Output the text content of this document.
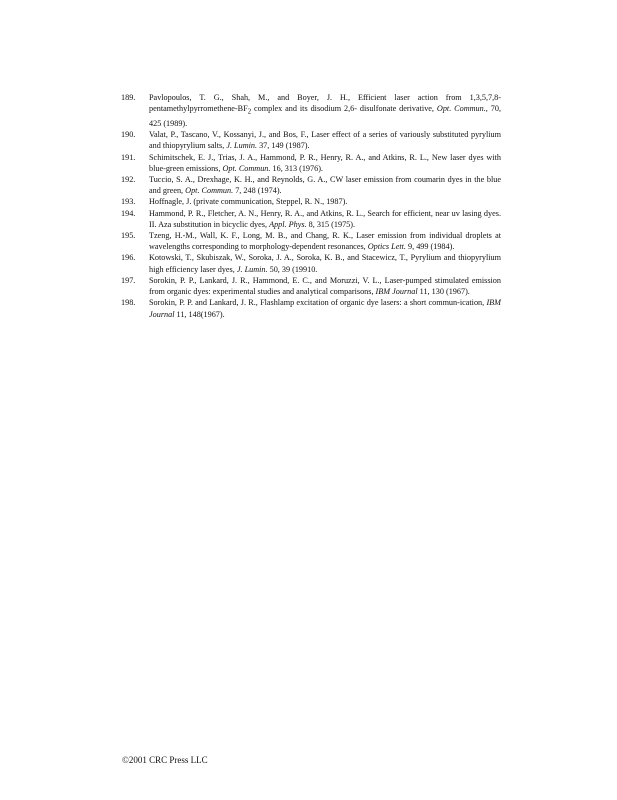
189.	Pavlopoulos, T. G., Shah, M., and Boyer, J. H., Efficient laser action from $1,3,5,7,8-pentamethylpyrromethene-BF_2$ complex and its disodium 2,6- disulfonate derivative, Opt. Commun., 70, 425 (1989).
190.	Valat, P., Tascano, V., Kossanyi, J., and Bos, F., Laser effect of a series of variously substituted pyrylium and thiopyrylium salts, J. Lumin. 37, 149 (1987).
191.	Schimitschek, E. J., Trias, J. A., Hammond, P. R., Henry, R. A., and Atkins, R. L., New laser dyes with blue-green emissions, Opt. Commun. 16, 313 (1976).
192.	Tuccio, S. A., Drexhage, K. H., and Reynolds, G. A., CW laser emission from coumarin dyes in the blue and green, Opt. Commun. 7, 248 (1974).
193.	Hoffnagle, J. (private communication, Steppel, R. N., 1987).
194.	Hammond, P. R., Fletcher, A. N., Henry, R. A., and Atkins, R. L., Search for efficient, near uv lasing dyes. II. Aza substitution in bicyclic dyes, Appl. Phys. 8, 315 (1975).
195.	Tzeng, H.-M., Wall, K. F., Long, M. B., and Chang, R. K., Laser emission from individual droplets at wavelengths corresponding to morphology-dependent resonances, Optics Lett. 9, 499 (1984).
196.	Kotowski, T., Skubiszak, W., Soroka, J. A., Soroka, K. B., and Stacewicz, T., Pyrylium and thiopyrylium high efficiency laser dyes, J. Lumin. 50, 39 (19910.
197.	Sorokin, P. P., Lankard, J. R., Hammond, E. C., and Moruzzi, V. L., Laser-pumped stimulated emission from organic dyes: experimental studies and analytical comparisons, IBM Journal 11, 130 (1967).
198.	Sorokin, P. P. and Lankard, J. R., Flashlamp excitation of organic dye lasers: a short commun-ication, IBM Journal 11, 148(1967).
©2001 CRC Press LLC
